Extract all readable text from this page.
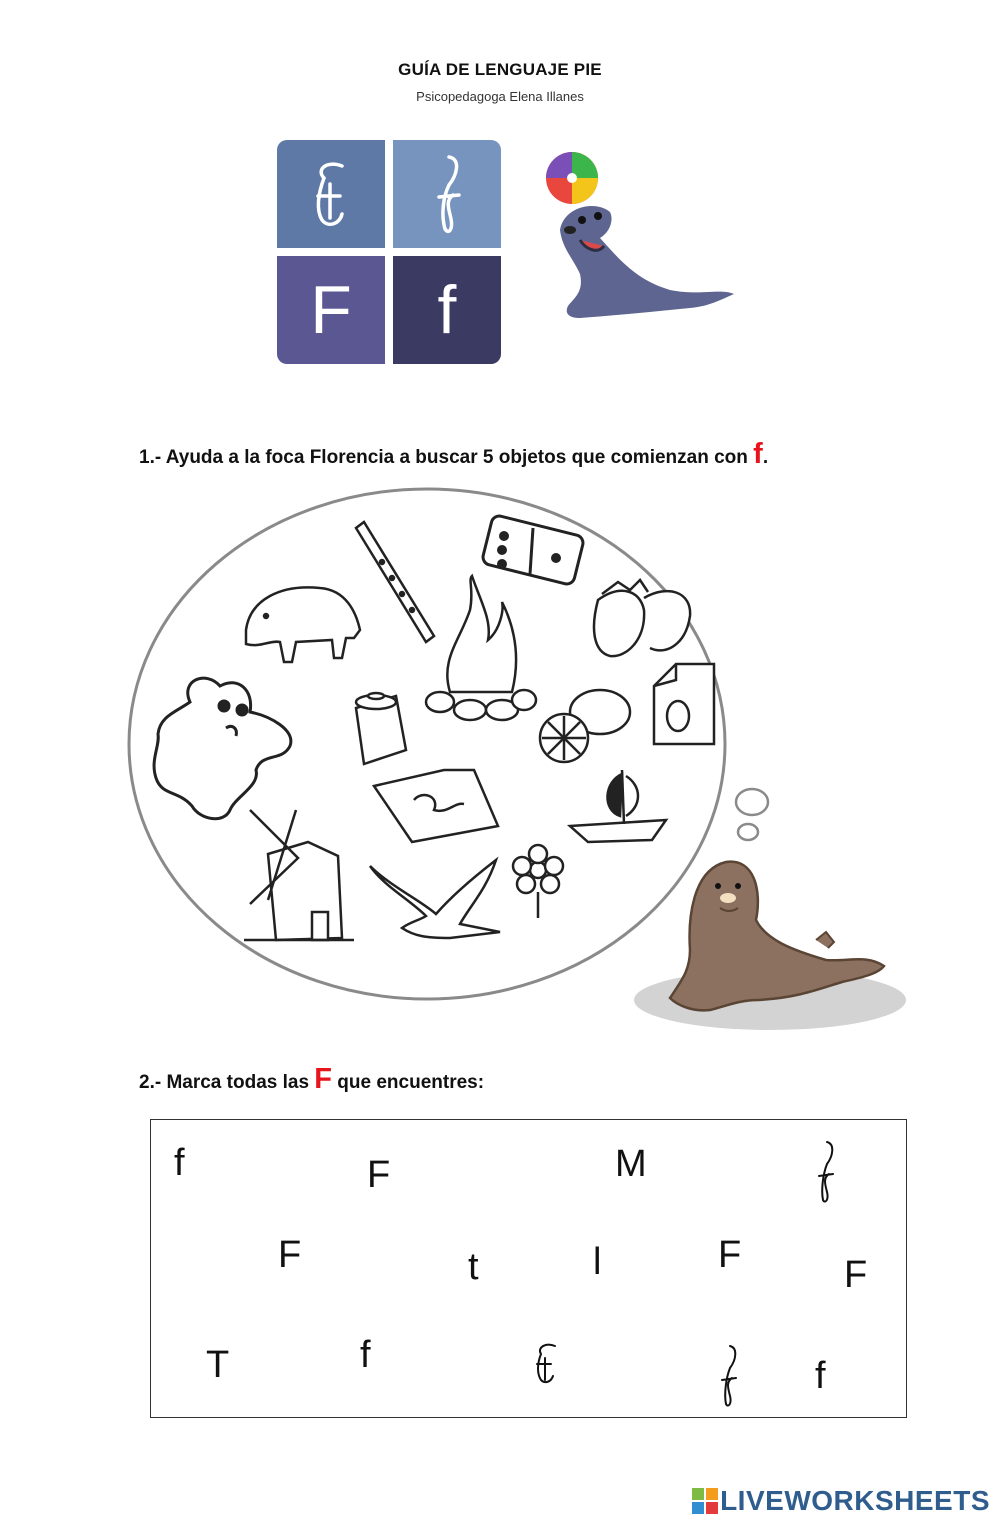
GUÍA DE LENGUAJE PIE
Psicopedagoga Elena Illanes
F f
1.- Ayuda a la foca Florencia a buscar 5 objetos que comienzan con f.
2.- Marca todas las F que encuentres:
f	F	M
F	t	l	F	F
T	f	f
LIVEWORKSHEETS
